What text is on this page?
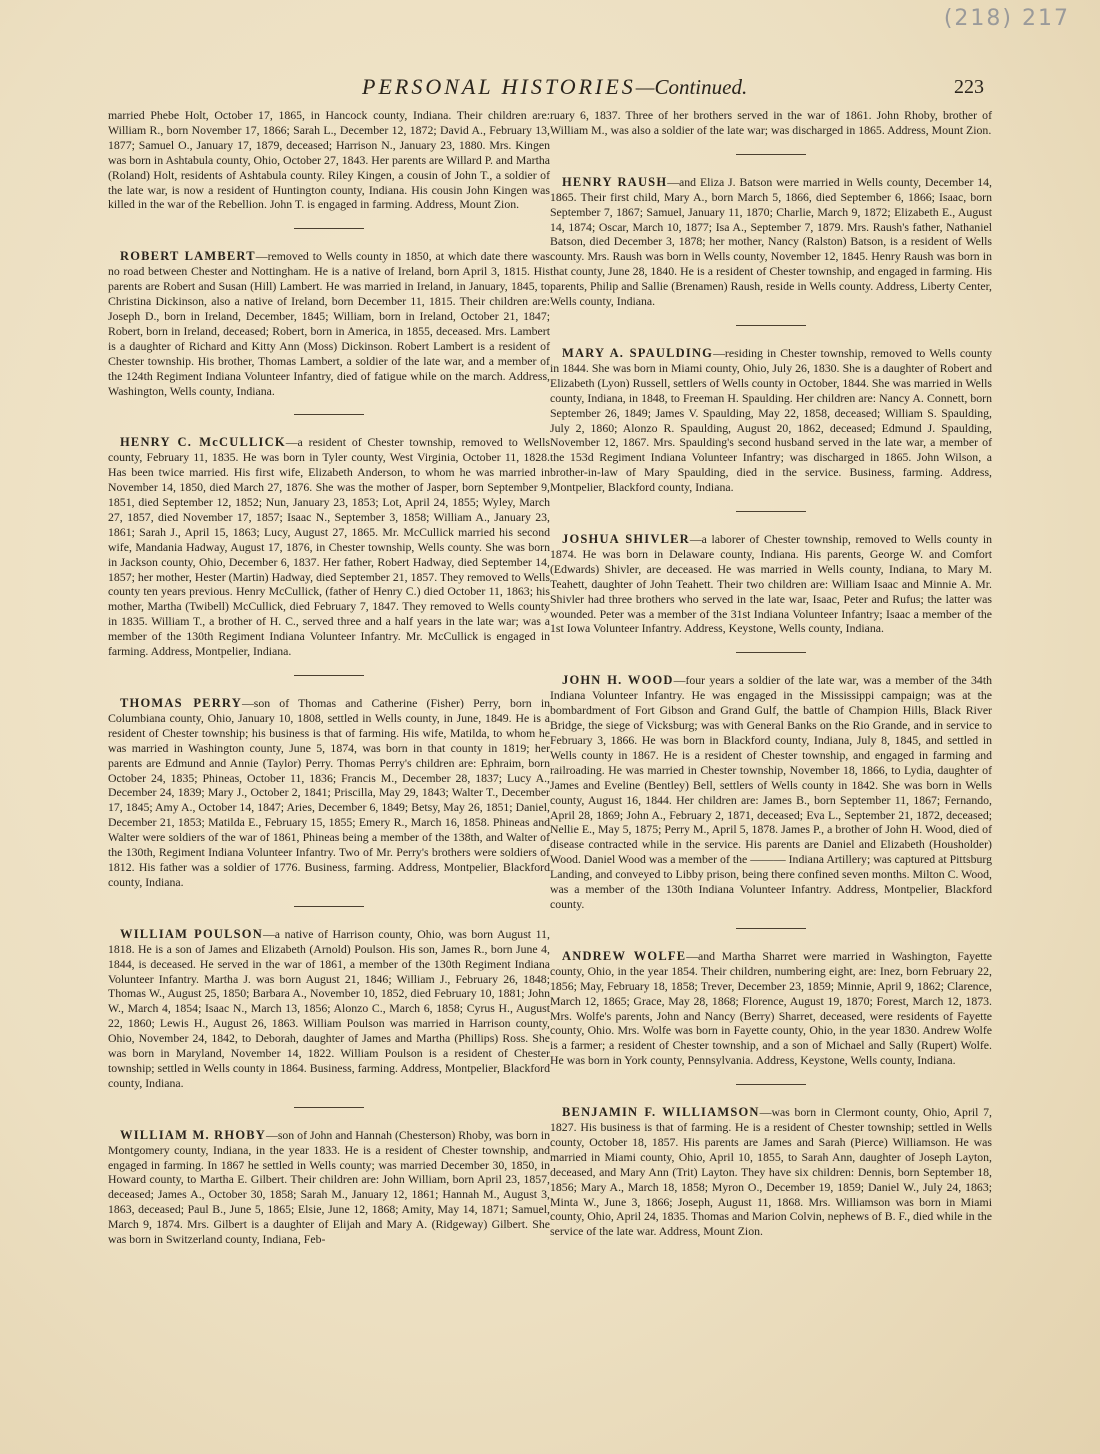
(218) 217
PERSONAL HISTORIES—Continued.	223

married Phebe Holt, October 17, 1865, in Hancock county, Indiana. Their children are: William R., born November 17, 1866; Sarah L., December 12, 1872; David A., February 13, 1877; Samuel O., January 17, 1879, deceased; Harrison N., January 23, 1880. Mrs. Kingen was born in Ashtabula county, Ohio, October 27, 1843. Her parents are Willard P. and Martha (Roland) Holt, residents of Ashtabula county. Riley Kingen, a cousin of John T., a soldier of the late war, is now a resident of Huntington county, Indiana. His cousin John Kingen was killed in the war of the Rebellion. John T. is engaged in farming. Address, Mount Zion.

ROBERT LAMBERT—removed to Wells county in 1850, at which date there was no road between Chester and Nottingham. He is a native of Ireland, born April 3, 1815. His parents are Robert and Susan (Hill) Lambert. He was married in Ireland, in January, 1845, to Christina Dickinson, also a native of Ireland, born December 11, 1815. Their children are: Joseph D., born in Ireland, December, 1845; William, born in Ireland, October 21, 1847; Robert, born in Ireland, deceased; Robert, born in America, in 1855, deceased. Mrs. Lambert is a daughter of Richard and Kitty Ann (Moss) Dickinson. Robert Lambert is a resident of Chester township. His brother, Thomas Lambert, a soldier of the late war, and a member of the 124th Regiment Indiana Volunteer Infantry, died of fatigue while on the march. Address, Washington, Wells county, Indiana.

HENRY C. McCULLICK—a resident of Chester township, removed to Wells county, February 11, 1835. He was born in Tyler county, West Virginia, October 11, 1828. Has been twice married. His first wife, Elizabeth Anderson, to whom he was married in November 14, 1850, died March 27, 1876. She was the mother of Jasper, born September 9, 1851, died September 12, 1852; Nun, January 23, 1853; Lot, April 24, 1855; Wyley, March 27, 1857, died November 17, 1857; Isaac N., September 3, 1858; William A., January 23, 1861; Sarah J., April 15, 1863; Lucy, August 27, 1865. Mr. McCullick married his second wife, Mandania Hadway, August 17, 1876, in Chester township, Wells county. She was born in Jackson county, Ohio, December 6, 1837. Her father, Robert Hadway, died September 14, 1857; her mother, Hester (Martin) Hadway, died September 21, 1857. They removed to Wells county ten years previous. Henry McCullick, (father of Henry C.) died October 11, 1863; his mother, Martha (Twibell) McCullick, died February 7, 1847. They removed to Wells county in 1835. William T., a brother of H. C., served three and a half years in the late war; was a member of the 130th Regiment Indiana Volunteer Infantry. Mr. McCullick is engaged in farming. Address, Montpelier, Indiana.

THOMAS PERRY—son of Thomas and Catherine (Fisher) Perry, born in Columbiana county, Ohio, January 10, 1808, settled in Wells county, in June, 1849. He is a resident of Chester township; his business is that of farming. His wife, Matilda, to whom he was married in Washington county, June 5, 1874, was born in that county in 1819; her parents are Edmund and Annie (Taylor) Perry. Thomas Perry's children are: Ephraim, born October 24, 1835; Phineas, October 11, 1836; Francis M., December 28, 1837; Lucy A., December 24, 1839; Mary J., October 2, 1841; Priscilla, May 29, 1843; Walter T., December 17, 1845; Amy A., October 14, 1847; Aries, December 6, 1849; Betsy, May 26, 1851; Daniel, December 21, 1853; Matilda E., February 15, 1855; Emery R., March 16, 1858. Phineas and Walter were soldiers of the war of 1861, Phineas being a member of the 138th, and Walter of the 130th, Regiment Indiana Volunteer Infantry. Two of Mr. Perry's brothers were soldiers of 1812. His father was a soldier of 1776. Business, farming. Address, Montpelier, Blackford county, Indiana.

WILLIAM POULSON—a native of Harrison county, Ohio, was born August 11, 1818. He is a son of James and Elizabeth (Arnold) Poulson. His son, James R., born June 4, 1844, is deceased. He served in the war of 1861, a member of the 130th Regiment Indiana Volunteer Infantry. Martha J. was born August 21, 1846; William J., February 26, 1848; Thomas W., August 25, 1850; Barbara A., November 10, 1852, died February 10, 1881; John W., March 4, 1854; Isaac N., March 13, 1856; Alonzo C., March 6, 1858; Cyrus H., August 22, 1860; Lewis H., August 26, 1863. William Poulson was married in Harrison county, Ohio, November 24, 1842, to Deborah, daughter of James and Martha (Phillips) Ross. She was born in Maryland, November 14, 1822. William Poulson is a resident of Chester township; settled in Wells county in 1864. Business, farming. Address, Montpelier, Blackford county, Indiana.

WILLIAM M. RHOBY—son of John and Hannah (Chesterson) Rhoby, was born in Montgomery county, Indiana, in the year 1833. He is a resident of Chester township, and engaged in farming. In 1867 he settled in Wells county; was married December 30, 1850, in Howard county, to Martha E. Gilbert. Their children are: John William, born April 23, 1857, deceased; James A., October 30, 1858; Sarah M., January 12, 1861; Hannah M., August 3, 1863, deceased; Paul B., June 5, 1865; Elsie, June 12, 1868; Amity, May 14, 1871; Samuel, March 9, 1874. Mrs. Gilbert is a daughter of Elijah and Mary A. (Ridgeway) Gilbert. She was born in Switzerland county, Indiana, Feb-

ruary 6, 1837. Three of her brothers served in the war of 1861. John Rhoby, brother of William M., was also a soldier of the late war; was discharged in 1865. Address, Mount Zion.

HENRY RAUSH—and Eliza J. Batson were married in Wells county, December 14, 1865. Their first child, Mary A., born March 5, 1866, died September 6, 1866; Isaac, born September 7, 1867; Samuel, January 11, 1870; Charlie, March 9, 1872; Elizabeth E., August 14, 1874; Oscar, March 10, 1877; Isa A., September 7, 1879. Mrs. Raush's father, Nathaniel Batson, died December 3, 1878; her mother, Nancy (Ralston) Batson, is a resident of Wells county. Mrs. Raush was born in Wells county, November 12, 1845. Henry Raush was born in that county, June 28, 1840. He is a resident of Chester township, and engaged in farming. His parents, Philip and Sallie (Brenamen) Raush, reside in Wells county. Address, Liberty Center, Wells county, Indiana.

MARY A. SPAULDING—residing in Chester township, removed to Wells county in 1844. She was born in Miami county, Ohio, July 26, 1830. She is a daughter of Robert and Elizabeth (Lyon) Russell, settlers of Wells county in October, 1844. She was married in Wells county, Indiana, in 1848, to Freeman H. Spaulding. Her children are: Nancy A. Connett, born September 26, 1849; James V. Spaulding, May 22, 1858, deceased; William S. Spaulding, July 2, 1860; Alonzo R. Spaulding, August 20, 1862, deceased; Edmund J. Spaulding, November 12, 1867. Mrs. Spaulding's second husband served in the late war, a member of the 153d Regiment Indiana Volunteer Infantry; was discharged in 1865. John Wilson, a brother-in-law of Mary Spaulding, died in the service. Business, farming. Address, Montpelier, Blackford county, Indiana.

JOSHUA SHIVLER—a laborer of Chester township, removed to Wells county in 1874. He was born in Delaware county, Indiana. His parents, George W. and Comfort (Edwards) Shivler, are deceased. He was married in Wells county, Indiana, to Mary M. Teahett, daughter of John Teahett. Their two children are: William Isaac and Minnie A. Mr. Shivler had three brothers who served in the late war, Isaac, Peter and Rufus; the latter was wounded. Peter was a member of the 31st Indiana Volunteer Infantry; Isaac a member of the 1st Iowa Volunteer Infantry. Address, Keystone, Wells county, Indiana.

JOHN H. WOOD—four years a soldier of the late war, was a member of the 34th Indiana Volunteer Infantry. He was engaged in the Mississippi campaign; was at the bombardment of Fort Gibson and Grand Gulf, the battle of Champion Hills, Black River Bridge, the siege of Vicksburg; was with General Banks on the Rio Grande, and in service to February 3, 1866. He was born in Blackford county, Indiana, July 8, 1845, and settled in Wells county in 1867. He is a resident of Chester township, and engaged in farming and railroading. He was married in Chester township, November 18, 1866, to Lydia, daughter of James and Eveline (Bentley) Bell, settlers of Wells county in 1842. She was born in Wells county, August 16, 1844. Her children are: James B., born September 11, 1867; Fernando, April 28, 1869; John A., February 2, 1871, deceased; Eva L., September 21, 1872, deceased; Nellie E., May 5, 1875; Perry M., April 5, 1878. James P., a brother of John H. Wood, died of disease contracted while in the service. His parents are Daniel and Elizabeth (Housholder) Wood. Daniel Wood was a member of the ——— Indiana Artillery; was captured at Pittsburg Landing, and conveyed to Libby prison, being there confined seven months. Milton C. Wood, was a member of the 130th Indiana Volunteer Infantry. Address, Montpelier, Blackford county.

ANDREW WOLFE—and Martha Sharret were married in Washington, Fayette county, Ohio, in the year 1854. Their children, numbering eight, are: Inez, born February 22, 1856; May, February 18, 1858; Trever, December 23, 1859; Minnie, April 9, 1862; Clarence, March 12, 1865; Grace, May 28, 1868; Florence, August 19, 1870; Forest, March 12, 1873. Mrs. Wolfe's parents, John and Nancy (Berry) Sharret, deceased, were residents of Fayette county, Ohio. Mrs. Wolfe was born in Fayette county, Ohio, in the year 1830. Andrew Wolfe is a farmer; a resident of Chester township, and a son of Michael and Sally (Rupert) Wolfe. He was born in York county, Pennsylvania. Address, Keystone, Wells county, Indiana.

BENJAMIN F. WILLIAMSON—was born in Clermont county, Ohio, April 7, 1827. His business is that of farming. He is a resident of Chester township; settled in Wells county, October 18, 1857. His parents are James and Sarah (Pierce) Williamson. He was married in Miami county, Ohio, April 10, 1855, to Sarah Ann, daughter of Joseph Layton, deceased, and Mary Ann (Trit) Layton. They have six children: Dennis, born September 18, 1856; Mary A., March 18, 1858; Myron O., December 19, 1859; Daniel W., July 24, 1863; Minta W., June 3, 1866; Joseph, August 11, 1868. Mrs. Williamson was born in Miami county, Ohio, April 24, 1835. Thomas and Marion Colvin, nephews of B. F., died while in the service of the late war. Address, Mount Zion.
